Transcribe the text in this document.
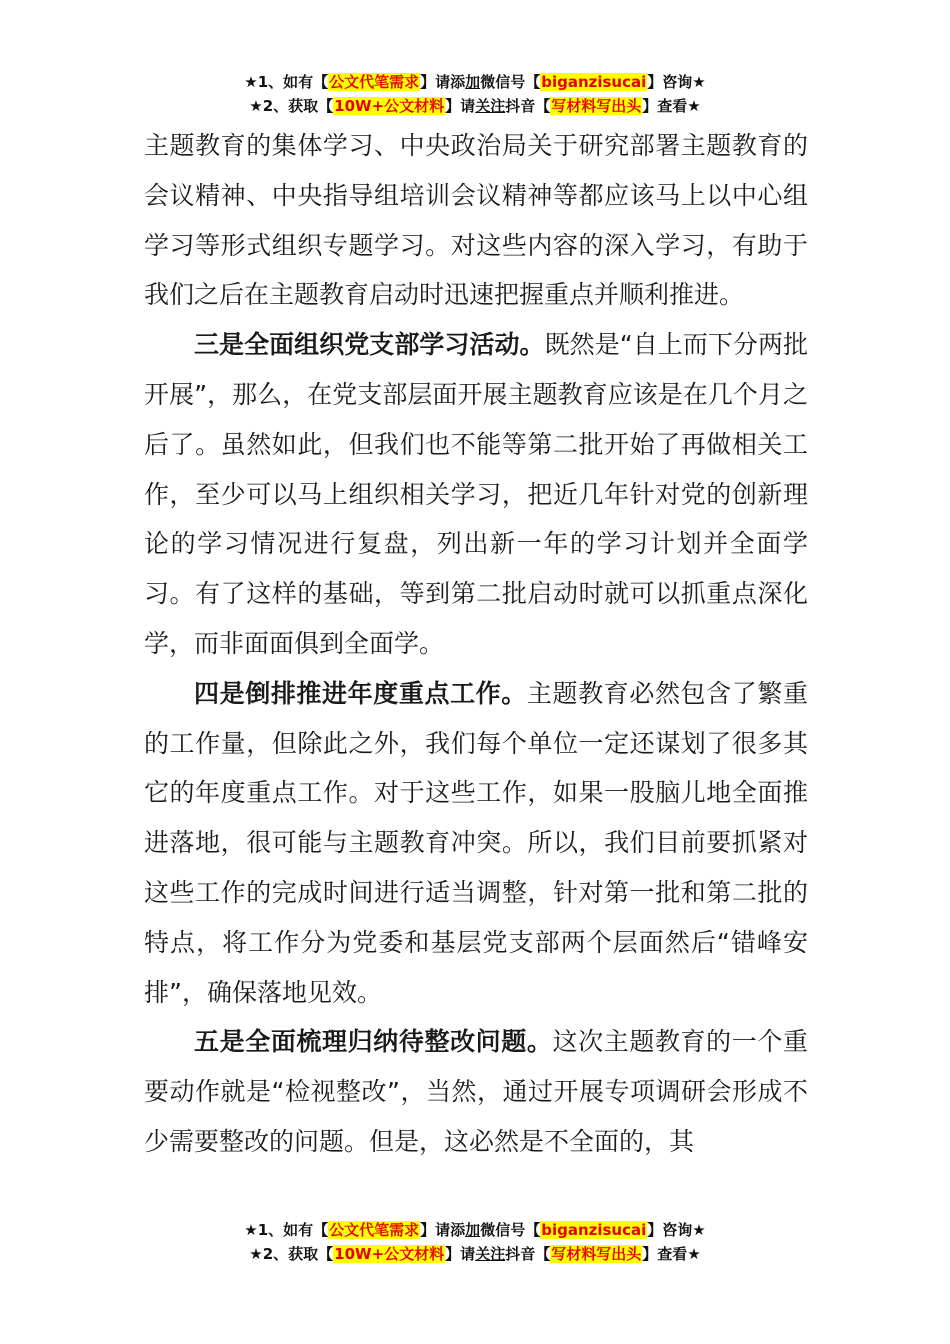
★1、如有【公文代笔需求】请添加微信号【biganzisucai】咨询★
★2、获取【10W+公文材料】请关注抖音【写材料写出头】查看★

主题教育的集体学习、中央政治局关于研究部署主题教育的会议精神、中央指导组培训会议精神等都应该马上以中心组学习等形式组织专题学习。对这些内容的深入学习，有助于我们之后在主题教育启动时迅速把握重点并顺利推进。

三是全面组织党支部学习活动。既然是“自上而下分两批开展”，那么，在党支部层面开展主题教育应该是在几个月之后了。虽然如此，但我们也不能等第二批开始了再做相关工作，至少可以马上组织相关学习，把近几年针对党的创新理论的学习情况进行复盘，列出新一年的学习计划并全面学习。有了这样的基础，等到第二批启动时就可以抓重点深化学，而非面面俱到全面学。

四是倒排推进年度重点工作。主题教育必然包含了繁重的工作量，但除此之外，我们每个单位一定还谋划了很多其它的年度重点工作。对于这些工作，如果一股脑儿地全面推进落地，很可能与主题教育冲突。所以，我们目前要抓紧对这些工作的完成时间进行适当调整，针对第一批和第二批的特点，将工作分为党委和基层党支部两个层面然后“错峰安排”，确保落地见效。

五是全面梳理归纳待整改问题。这次主题教育的一个重要动作就是“检视整改”，当然，通过开展专项调研会形成不少需要整改的问题。但是，这必然是不全面的，其

★1、如有【公文代笔需求】请添加微信号【biganzisucai】咨询★
★2、获取【10W+公文材料】请关注抖音【写材料写出头】查看★
